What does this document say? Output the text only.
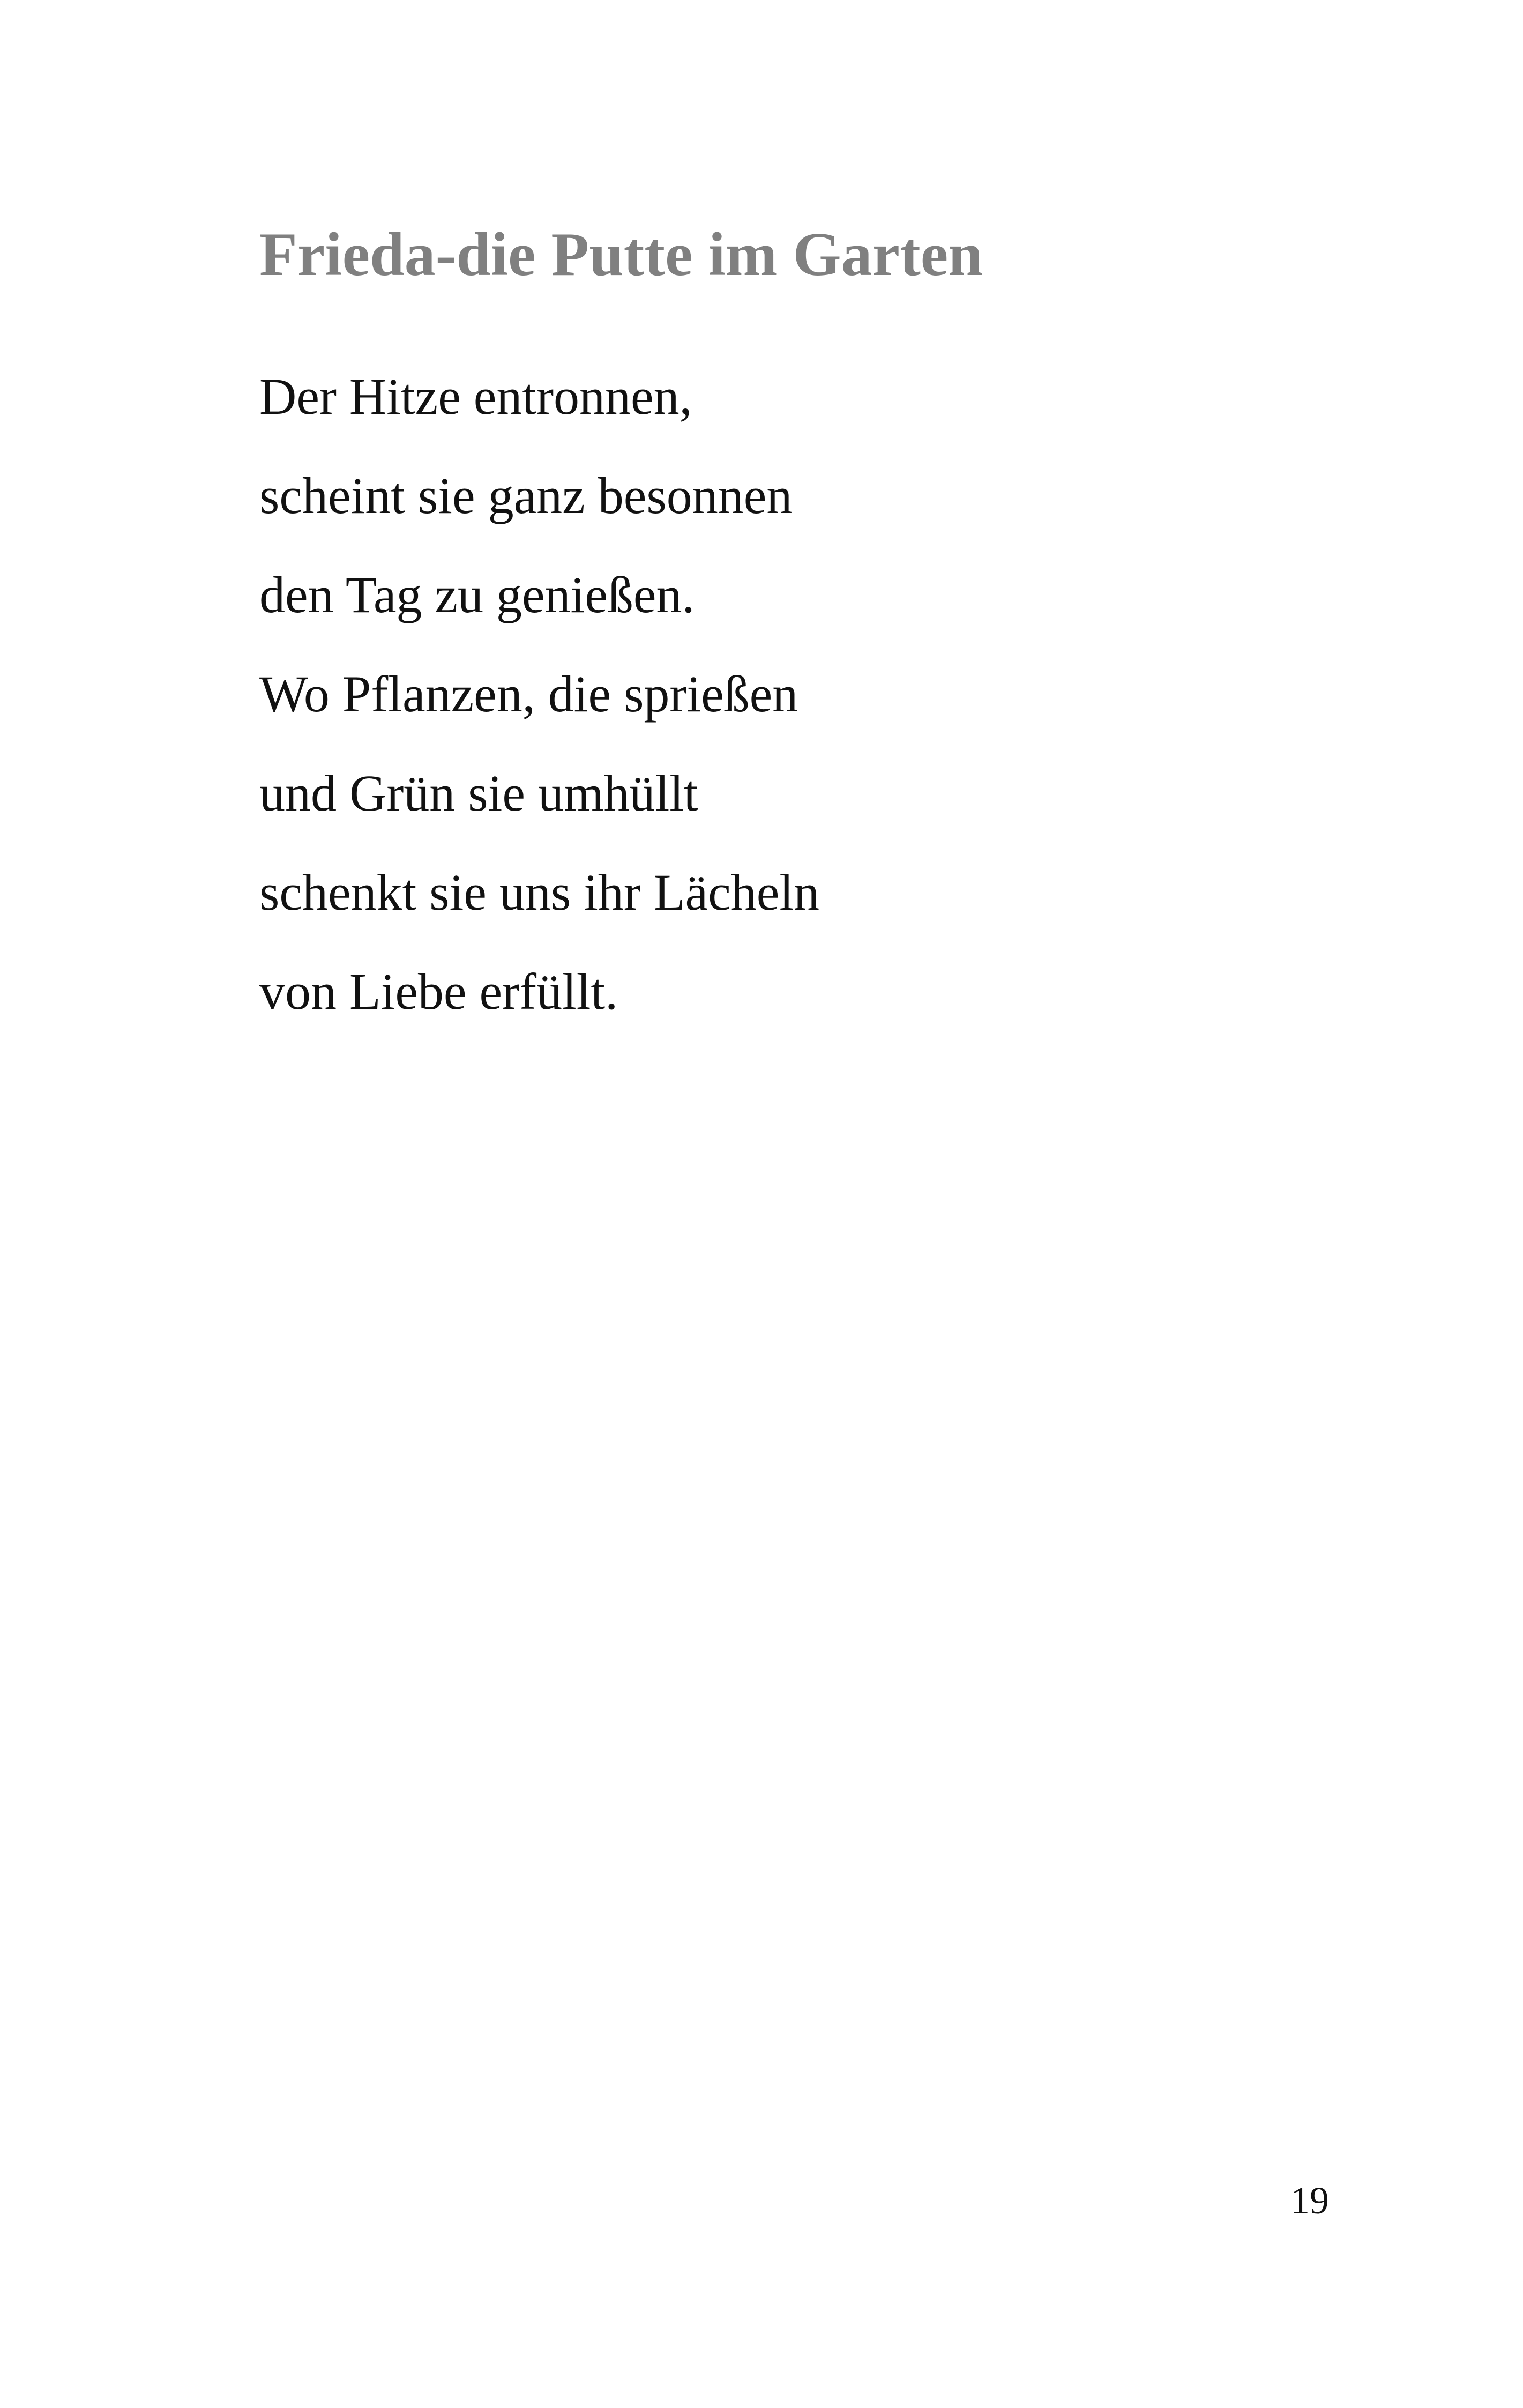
Frieda-die Putte im Garten
Der Hitze entronnen,
scheint sie ganz besonnen
den Tag zu genießen.
Wo Pflanzen, die sprießen
und Grün sie umhüllt
schenkt sie uns ihr Lächeln
von Liebe erfüllt.
19
